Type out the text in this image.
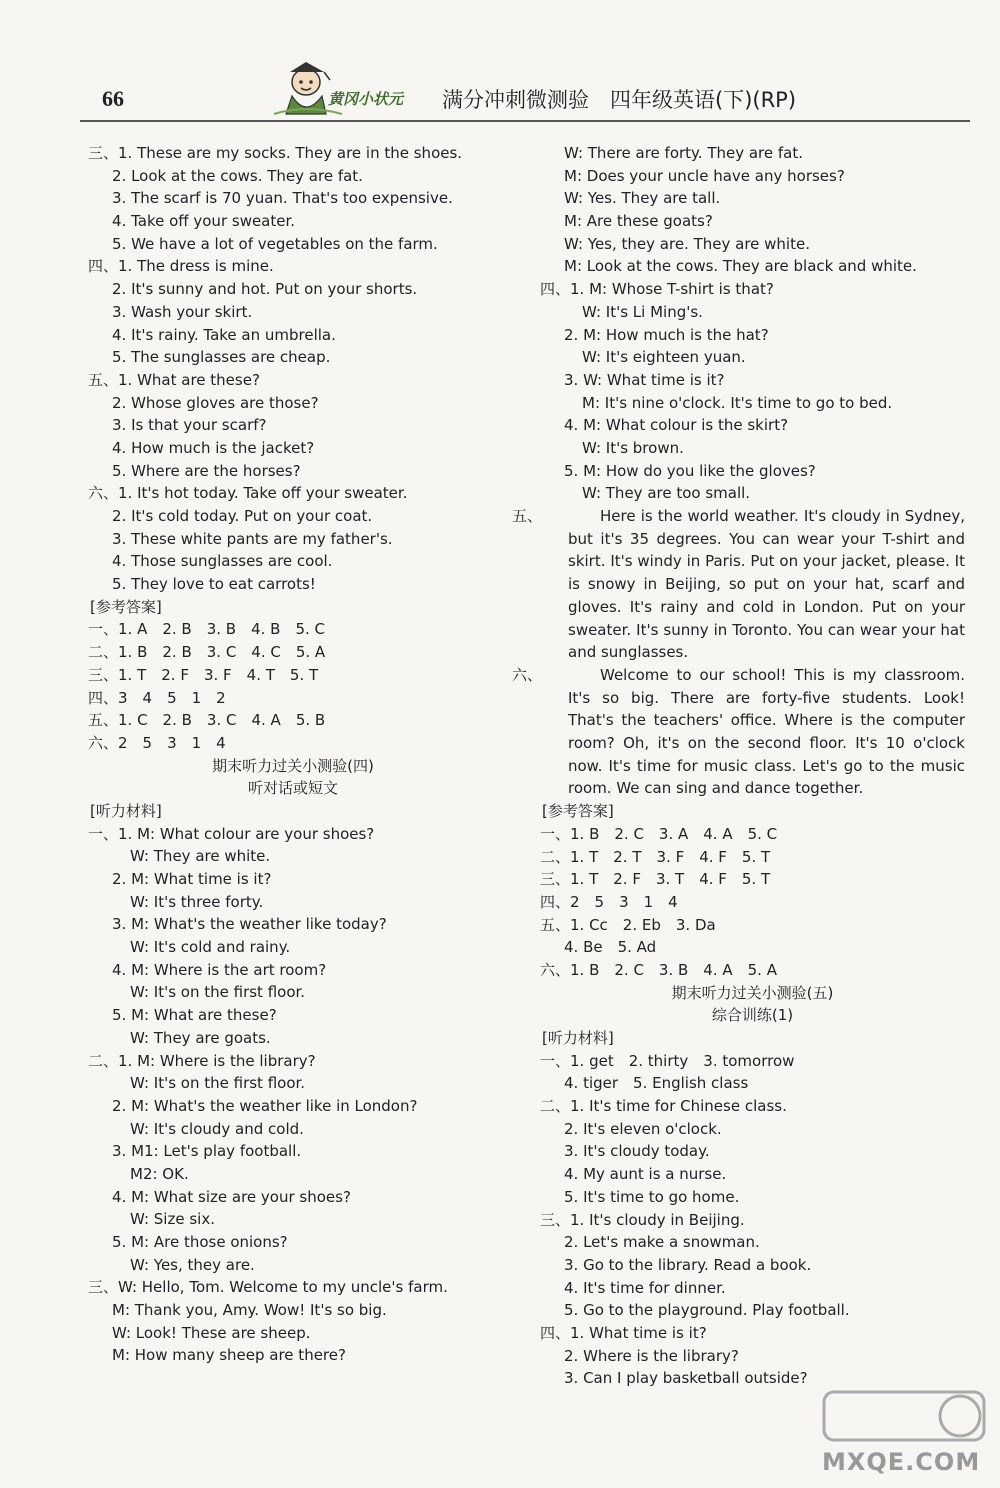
66	黄冈小状元 满分冲刺微测验　四年级英语(下)(RP)
三、1. These are my socks. They are in the shoes.
2. Look at the cows. They are fat.
3. The scarf is 70 yuan. That's too expensive.
4. Take off your sweater.
5. We have a lot of vegetables on the farm.
四、1. The dress is mine.
2. It's sunny and hot. Put on your shorts.
3. Wash your skirt.
4. It's rainy. Take an umbrella.
5. The sunglasses are cheap.
五、1. What are these?
2. Whose gloves are those?
3. Is that your scarf?
4. How much is the jacket?
5. Where are the horses?
六、1. It's hot today. Take off your sweater.
2. It's cold today. Put on your coat.
3. These white pants are my father's.
4. Those sunglasses are cool.
5. They love to eat carrots!
[参考答案]
一、1. A　2. B　3. B　4. B　5. C
二、1. B　2. B　3. C　4. C　5. A
三、1. T　2. F　3. F　4. T　5. T
四、3　4　5　1　2
五、1. C　2. B　3. C　4. A　5. B
六、2　5　3　1　4
期末听力过关小测验(四)
听对话或短文
[听力材料]
一、1. M: What colour are your shoes?
W: They are white.
2. M: What time is it?
W: It's three forty.
3. M: What's the weather like today?
W: It's cold and rainy.
4. M: Where is the art room?
W: It's on the first floor.
5. M: What are these?
W: They are goats.
二、1. M: Where is the library?
W: It's on the first floor.
2. M: What's the weather like in London?
W: It's cloudy and cold.
3. M1: Let's play football.
M2: OK.
4. M: What size are your shoes?
W: Size six.
5. M: Are those onions?
W: Yes, they are.
三、W: Hello, Tom. Welcome to my uncle's farm.
M: Thank you, Amy. Wow! It's so big.
W: Look! These are sheep.
M: How many sheep are there?
W: There are forty. They are fat.
M: Does your uncle have any horses?
W: Yes. They are tall.
M: Are these goats?
W: Yes, they are. They are white.
M: Look at the cows. They are black and white.
四、1. M: Whose T-shirt is that?
W: It's Li Ming's.
2. M: How much is the hat?
W: It's eighteen yuan.
3. W: What time is it?
M: It's nine o'clock. It's time to go to bed.
4. M: What colour is the skirt?
W: It's brown.
5. M: How do you like the gloves?
W: They are too small.
五、	Here is the world weather. It's cloudy in Sydney, but it's 35 degrees. You can wear your T-shirt and skirt. It's windy in Paris. Put on your jacket, please. It is snowy in Beijing, so put on your hat, scarf and gloves. It's rainy and cold in London. Put on your sweater. It's sunny in Toronto. You can wear your hat and sunglasses.
六、	Welcome to our school! This is my classroom. It's so big. There are forty-five students. Look! That's the teachers' office. Where is the computer room? Oh, it's on the second floor. It's 10 o'clock now. It's time for music class. Let's go to the music room. We can sing and dance together.
[参考答案]
一、1. B　2. C　3. A　4. A　5. C
二、1. T　2. T　3. F　4. F　5. T
三、1. T　2. F　3. T　4. F　5. T
四、2　5　3　1　4
五、1. Cc　2. Eb　3. Da
4. Be　5. Ad
六、1. B　2. C　3. B　4. A　5. A
期末听力过关小测验(五)
综合训练(1)
[听力材料]
一、1. get　2. thirty　3. tomorrow
4. tiger　5. English class
二、1. It's time for Chinese class.
2. It's eleven o'clock.
3. It's cloudy today.
4. My aunt is a nurse.
5. It's time to go home.
三、1. It's cloudy in Beijing.
2. Let's make a snowman.
3. Go to the library. Read a book.
4. It's time for dinner.
5. Go to the playground. Play football.
四、1. What time is it?
2. Where is the library?
3. Can I play basketball outside?
MXQE.COM
